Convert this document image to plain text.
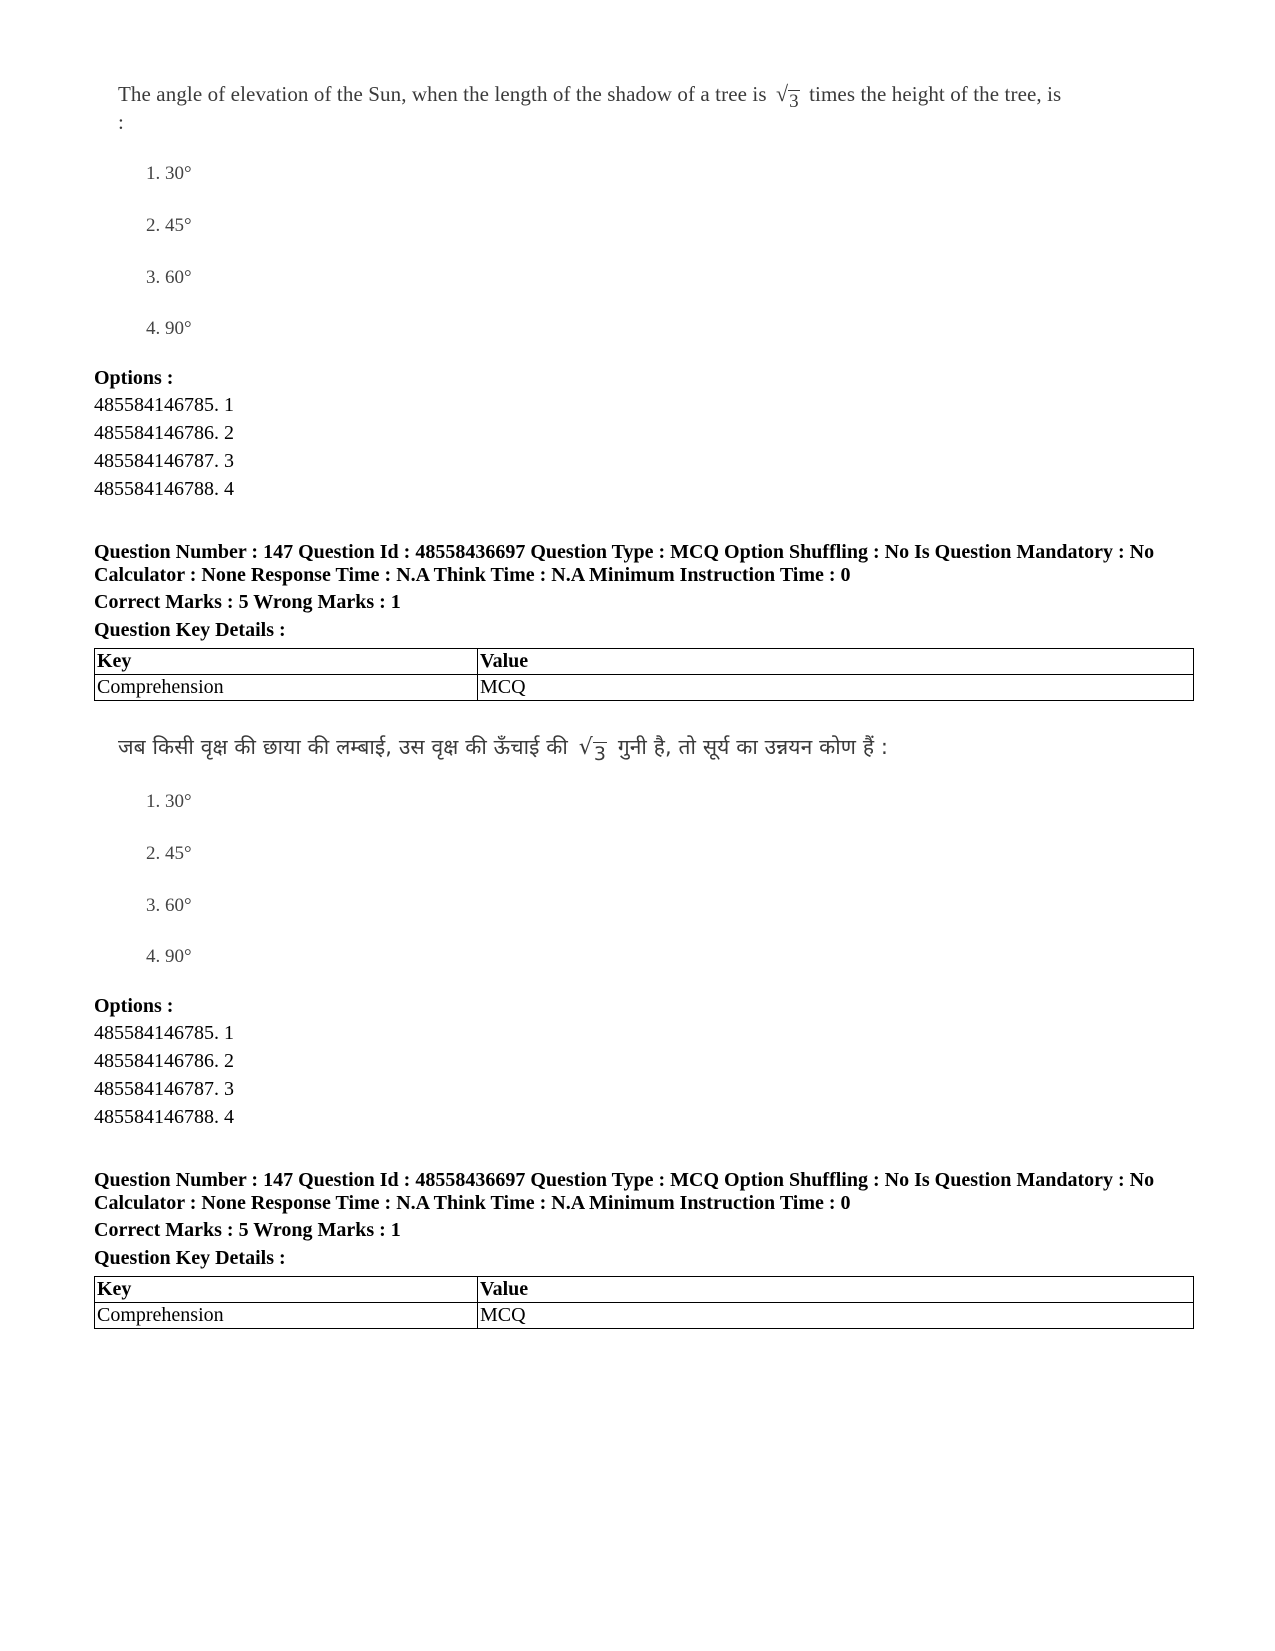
The angle of elevation of the Sun, when the length of the shadow of a tree is √3 times the height of the tree, is
:
1. 30°
2. 45°
3. 60°
4. 90°
Options :
485584146785. 1
485584146786. 2
485584146787. 3
485584146788. 4
Question Number : 147 Question Id : 48558436697 Question Type : MCQ Option Shuffling : No Is Question Mandatory : No Calculator : None Response Time : N.A Think Time : N.A Minimum Instruction Time : 0
Correct Marks : 5 Wrong Marks : 1
Question Key Details :
Key	Value
Comprehension	MCQ
जब किसी वृक्ष की छाया की लम्बाई, उस वृक्ष की ऊँचाई की √3 गुनी है, तो सूर्य का उन्नयन कोण हैं :
1. 30°
2. 45°
3. 60°
4. 90°
Options :
485584146785. 1
485584146786. 2
485584146787. 3
485584146788. 4
Question Number : 147 Question Id : 48558436697 Question Type : MCQ Option Shuffling : No Is Question Mandatory : No Calculator : None Response Time : N.A Think Time : N.A Minimum Instruction Time : 0
Correct Marks : 5 Wrong Marks : 1
Question Key Details :
Key	Value
Comprehension	MCQ
